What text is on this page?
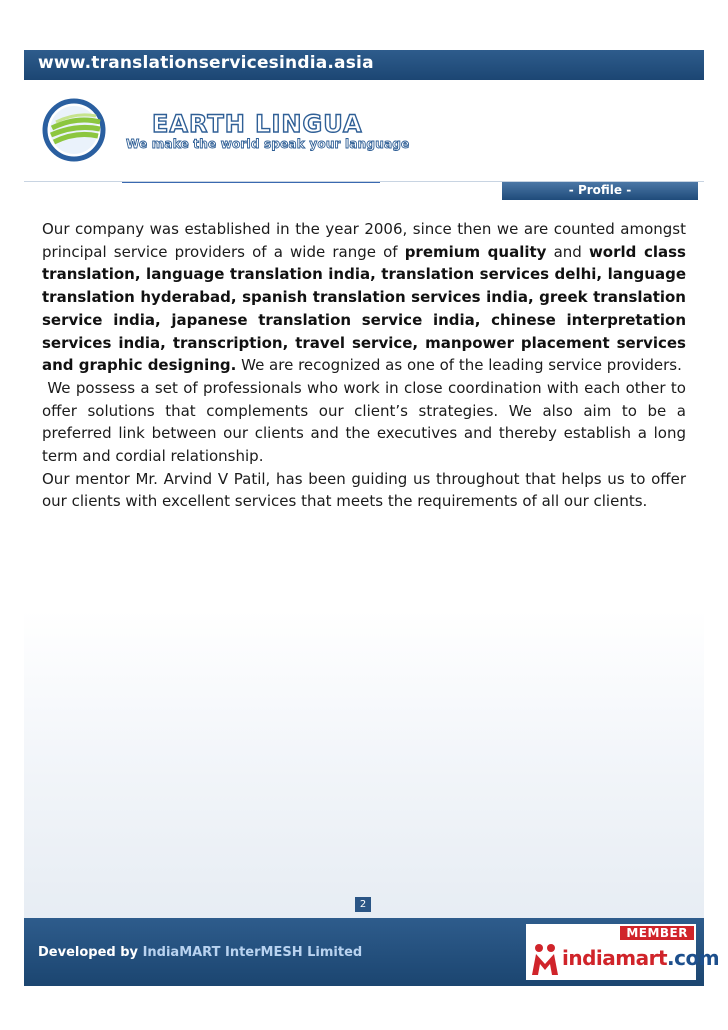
www.translationservicesindia.asia
EARTH LINGUA
We make the world speak your language
- Profile -

Our company was established in the year 2006, since then we are counted amongst principal service providers of a wide range of premium quality and world class translation, language translation india, translation services delhi, language translation hyderabad, spanish translation services india, greek translation service india, japanese translation service india, chinese interpretation services india, transcription, travel service, manpower placement services and graphic designing. We are recognized as one of the leading service providers.

We possess a set of professionals who work in close coordination with each other to offer solutions that complements our client’s strategies. We also aim to be a preferred link between our clients and the executives and thereby establish a long term and cordial relationship.

Our mentor Mr. Arvind V Patil, has been guiding us throughout that helps us to offer our clients with excellent services that meets the requirements of all our clients.

2
Developed by IndiaMART InterMESH Limited
MEMBER
indiamart.com
